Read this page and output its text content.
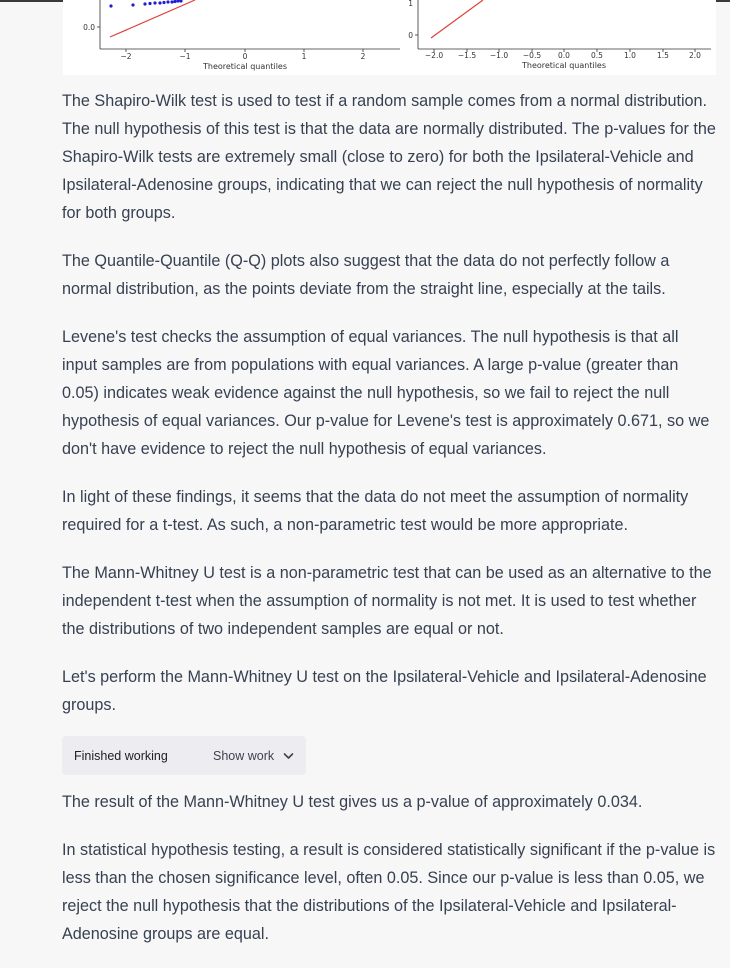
0.0
−2	−1	0	1	2
Theoretical quantiles
0
1
−2.0 −1.5 −1.0 −0.5 0.0	0.5	1.0	1.5	2.0
Theoretical quantiles

The Shapiro-Wilk test is used to test if a random sample comes from a normal distribution. The null hypothesis of this test is that the data are normally distributed. The p-values for the Shapiro-Wilk tests are extremely small (close to zero) for both the Ipsilateral-Vehicle and Ipsilateral-Adenosine groups, indicating that we can reject the null hypothesis of normality for both groups.

The Quantile-Quantile (Q-Q) plots also suggest that the data do not perfectly follow a normal distribution, as the points deviate from the straight line, especially at the tails.

Levene's test checks the assumption of equal variances. The null hypothesis is that all input samples are from populations with equal variances. A large p-value (greater than 0.05) indicates weak evidence against the null hypothesis, so we fail to reject the null hypothesis of equal variances. Our p-value for Levene's test is approximately 0.671, so we don't have evidence to reject the null hypothesis of equal variances.

In light of these findings, it seems that the data do not meet the assumption of normality required for a t-test. As such, a non-parametric test would be more appropriate.

The Mann-Whitney U test is a non-parametric test that can be used as an alternative to the independent t-test when the assumption of normality is not met. It is used to test whether the distributions of two independent samples are equal or not.

Let's perform the Mann-Whitney U test on the Ipsilateral-Vehicle and Ipsilateral-Adenosine groups.

Finished working	Show work

The result of the Mann-Whitney U test gives us a p-value of approximately 0.034.

In statistical hypothesis testing, a result is considered statistically significant if the p-value is less than the chosen significance level, often 0.05. Since our p-value is less than 0.05, we reject the null hypothesis that the distributions of the Ipsilateral-Vehicle and Ipsilateral-Adenosine groups are equal.
